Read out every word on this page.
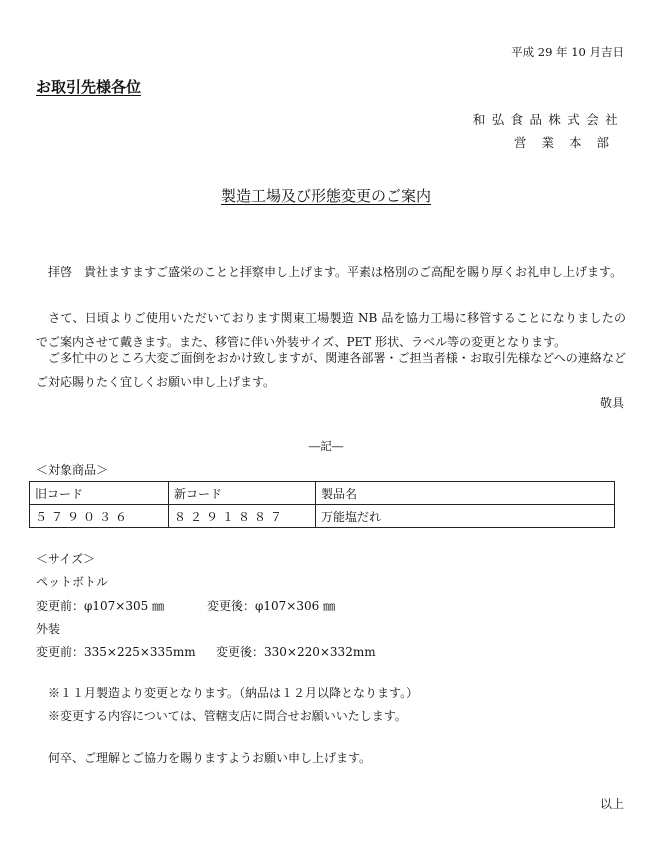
平成 29 年 10 月吉日
お取引先様各位
和弘食品株式会社
営業本部
製造工場及び形態変更のご案内
　拝啓　貴社ますますご盛栄のことと拝察申し上げます。平素は格別のご高配を賜り厚くお礼申し上げます。
　さて、日頃よりご使用いただいております関東工場製造 NB 品を協力工場に移管することになりましたのでご案内させて戴きます。また、移管に伴い外装サイズ、PET 形状、ラベル等の変更となります。
　ご多忙中のところ大変ご面倒をおかけ致しますが、関連各部署・ご担当者様・お取引先様などへの連絡などご対応賜りたく宜しくお願い申し上げます。
敬具
―記―
＜対象商品＞
旧コード	新コード	製品名
５７９０３６	８２９１８８７	万能塩だれ
＜サイズ＞
ペットボトル
変更前：φ107×305 ㎜	変更後：φ107×306 ㎜
外装
変更前：335×225×335mm 変更後：330×220×332mm
※１１月製造より変更となります。（納品は１２月以降となります。）
※変更する内容については、管轄支店に問合せお願いいたします。
何卒、ご理解とご協力を賜りますようお願い申し上げます。
以上
